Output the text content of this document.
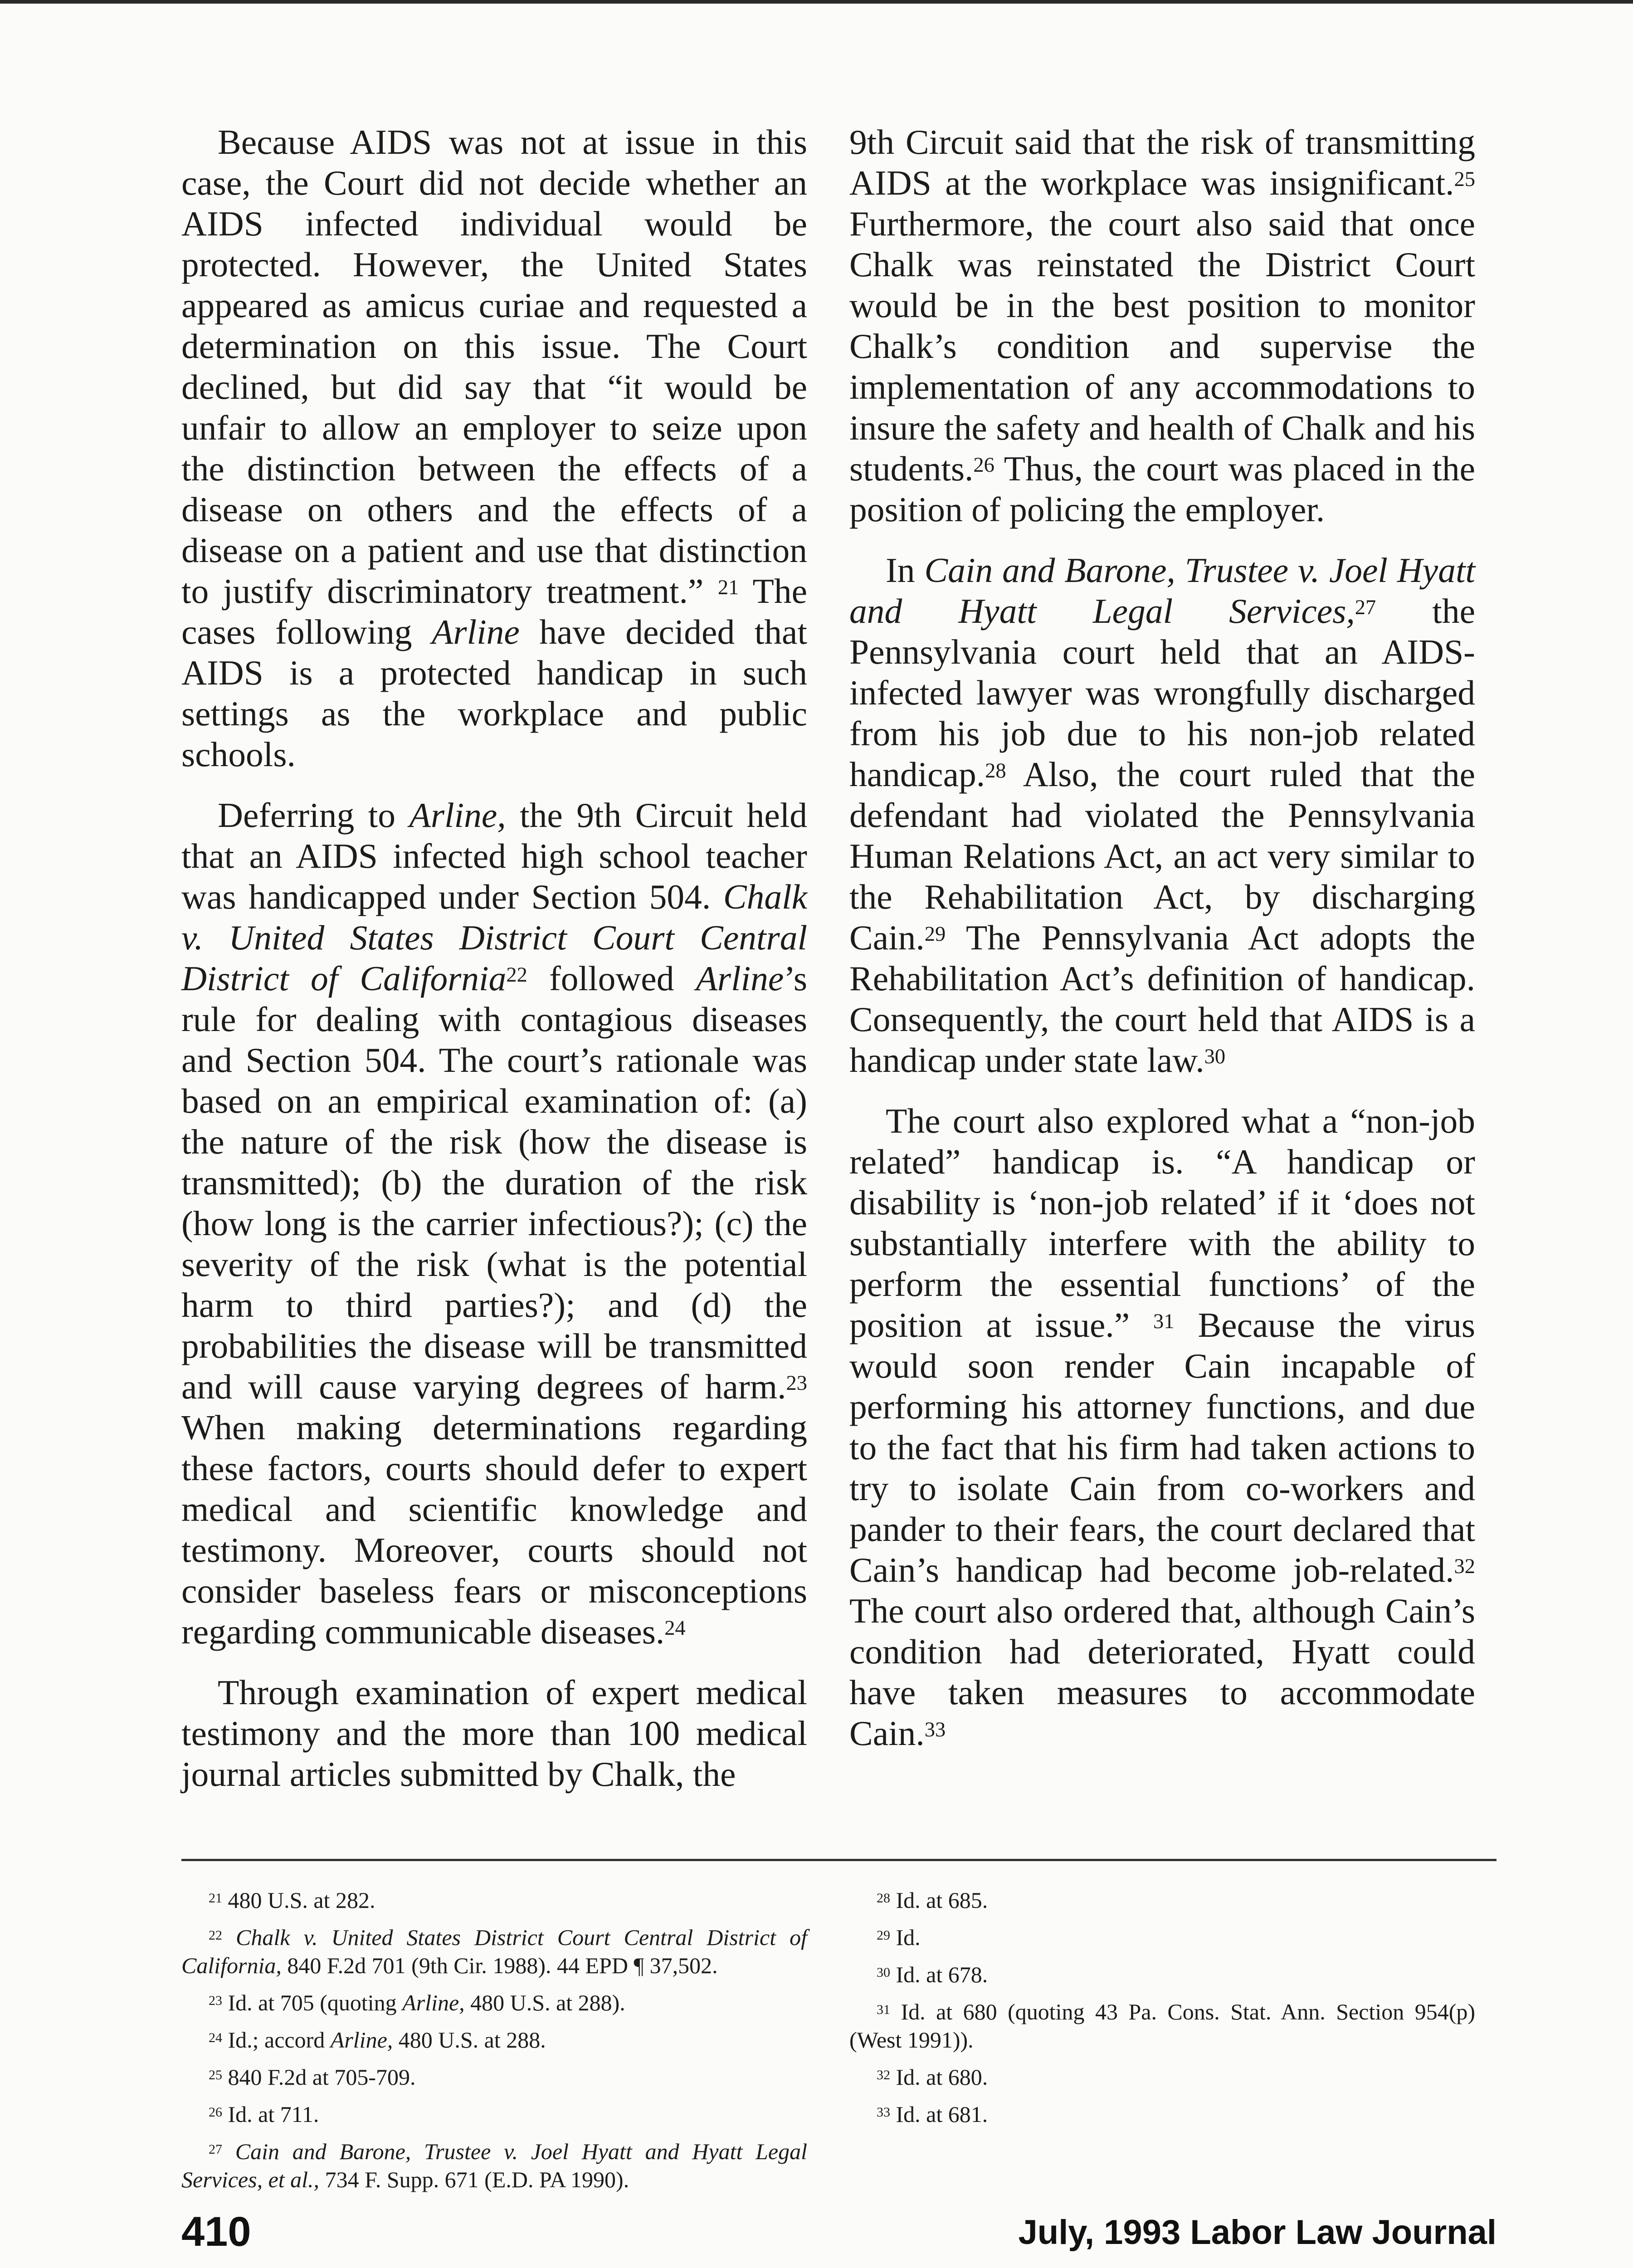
Because AIDS was not at issue in this case, the Court did not decide whether an AIDS infected individual would be protected. However, the United States appeared as amicus curiae and requested a determination on this issue. The Court declined, but did say that “it would be unfair to allow an employer to seize upon the distinction between the effects of a disease on others and the effects of a disease on a patient and use that distinction to justify discriminatory treatment.” $^{21}$ The cases following Arline have decided that AIDS is a protected handicap in such settings as the workplace and public schools.

Deferring to Arline, the 9th Circuit held that an AIDS infected high school teacher was handicapped under Section 504. Chalk v. United States District Court Central District of California$^{22}$ followed Arline’s rule for dealing with contagious diseases and Section 504. The court’s rationale was based on an empirical examination of: (a) the nature of the risk (how the disease is transmitted); (b) the duration of the risk (how long is the carrier infectious?); (c) the severity of the risk (what is the potential harm to third parties?); and (d) the probabilities the disease will be transmitted and will cause varying degrees of harm.$^{23}$ When making determinations regarding these factors, courts should defer to expert medical and scientific knowledge and testimony. Moreover, courts should not consider baseless fears or misconceptions regarding communicable diseases.$^{24}$

Through examination of expert medical testimony and the more than 100 medical journal articles submitted by Chalk, the

9th Circuit said that the risk of transmitting AIDS at the workplace was insignificant.$^{25}$ Furthermore, the court also said that once Chalk was reinstated the District Court would be in the best position to monitor Chalk’s condition and supervise the implementation of any accommodations to insure the safety and health of Chalk and his students.$^{26}$ Thus, the court was placed in the position of policing the employer.

In Cain and Barone, Trustee v. Joel Hyatt and Hyatt Legal Services,$^{27}$ the Pennsylvania court held that an AIDS-infected lawyer was wrongfully discharged from his job due to his non-job related handicap.$^{28}$ Also, the court ruled that the defendant had violated the Pennsylvania Human Relations Act, an act very similar to the Rehabilitation Act, by discharging Cain.$^{29}$ The Pennsylvania Act adopts the Rehabilitation Act’s definition of handicap. Consequently, the court held that AIDS is a handicap under state law.$^{30}$

The court also explored what a “non-job related” handicap is. “A handicap or disability is ‘non-job related’ if it ‘does not substantially interfere with the ability to perform the essential functions’ of the position at issue.” $^{31}$ Because the virus would soon render Cain incapable of performing his attorney functions, and due to the fact that his firm had taken actions to try to isolate Cain from co-workers and pander to their fears, the court declared that Cain’s handicap had become job-related.$^{32}$ The court also ordered that, although Cain’s condition had deteriorated, Hyatt could have taken measures to accommodate Cain.$^{33}$

$^{21}$ 480 U.S. at 282.

$^{22}$ Chalk v. United States District Court Central District of California, 840 F.2d 701 (9th Cir. 1988). 44 EPD ¶ 37,502.

$^{23}$ Id. at 705 (quoting Arline, 480 U.S. at 288).

$^{24}$ Id.; accord Arline, 480 U.S. at 288.

$^{25}$ 840 F.2d at 705-709.

$^{26}$ Id. at 711.

$^{27}$ Cain and Barone, Trustee v. Joel Hyatt and Hyatt Legal Services, et al., 734 F. Supp. 671 (E.D. PA 1990).

$^{28}$ Id. at 685.

$^{29}$ Id.

$^{30}$ Id. at 678.

$^{31}$ Id. at 680 (quoting 43 Pa. Cons. Stat. Ann. Section 954(p) (West 1991)).

$^{32}$ Id. at 680.

$^{33}$ Id. at 681.

410	July, 1993 Labor Law Journal
